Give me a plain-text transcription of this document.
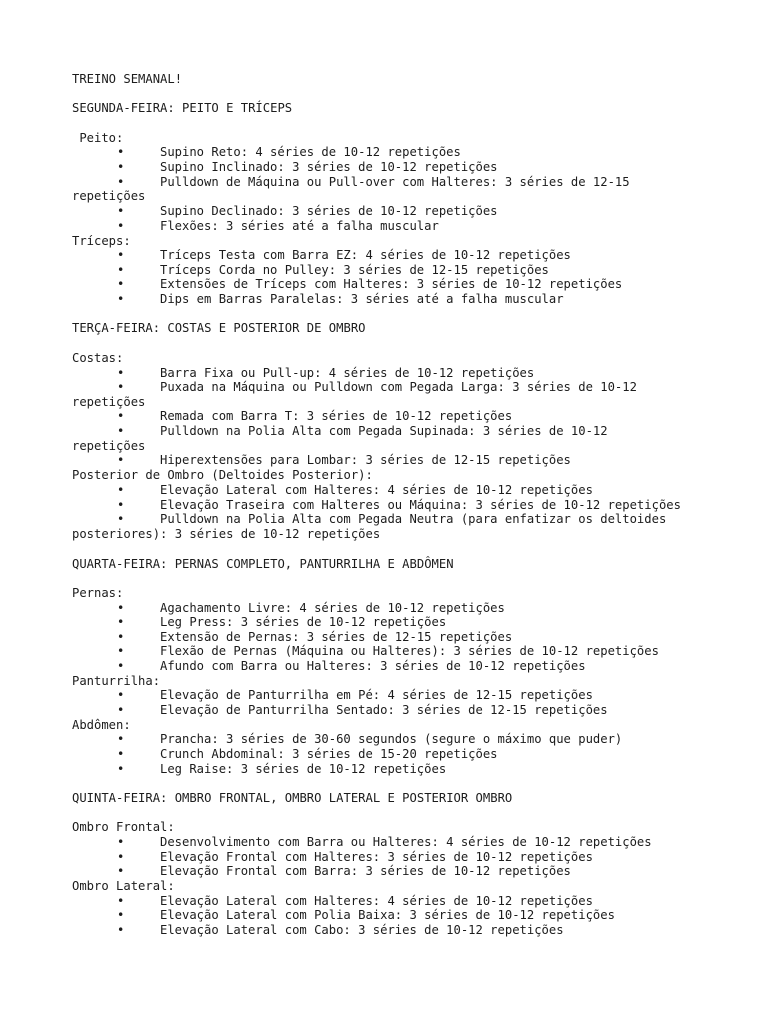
TREINO SEMANAL!
SEGUNDA-FEIRA: PEITO E TRÍCEPS
Peito:
•	Supino Reto: 4 séries de 10-12 repetições
•	Supino Inclinado: 3 séries de 10-12 repetições
•	Pulldown de Máquina ou Pull-over com Halteres: 3 séries de 12-15
repetições
•	Supino Declinado: 3 séries de 10-12 repetições
•	Flexões: 3 séries até a falha muscular
Tríceps:
•	Tríceps Testa com Barra EZ: 4 séries de 10-12 repetições
•	Tríceps Corda no Pulley: 3 séries de 12-15 repetições
•	Extensões de Tríceps com Halteres: 3 séries de 10-12 repetições
•	Dips em Barras Paralelas: 3 séries até a falha muscular
TERÇA-FEIRA: COSTAS E POSTERIOR DE OMBRO
Costas:
•	Barra Fixa ou Pull-up: 4 séries de 10-12 repetições
•	Puxada na Máquina ou Pulldown com Pegada Larga: 3 séries de 10-12
repetições
•	Remada com Barra T: 3 séries de 10-12 repetições
•	Pulldown na Polia Alta com Pegada Supinada: 3 séries de 10-12
repetições
•	Hiperextensões para Lombar: 3 séries de 12-15 repetições
Posterior de Ombro (Deltoides Posterior):
•	Elevação Lateral com Halteres: 4 séries de 10-12 repetições
•	Elevação Traseira com Halteres ou Máquina: 3 séries de 10-12 repetições
•	Pulldown na Polia Alta com Pegada Neutra (para enfatizar os deltoides
posteriores): 3 séries de 10-12 repetições
QUARTA-FEIRA: PERNAS COMPLETO, PANTURRILHA E ABDÔMEN
Pernas:
•	Agachamento Livre: 4 séries de 10-12 repetições
•	Leg Press: 3 séries de 10-12 repetições
•	Extensão de Pernas: 3 séries de 12-15 repetições
•	Flexão de Pernas (Máquina ou Halteres): 3 séries de 10-12 repetições
•	Afundo com Barra ou Halteres: 3 séries de 10-12 repetições
Panturrilha:
•	Elevação de Panturrilha em Pé: 4 séries de 12-15 repetições
•	Elevação de Panturrilha Sentado: 3 séries de 12-15 repetições
Abdômen:
•	Prancha: 3 séries de 30-60 segundos (segure o máximo que puder)
•	Crunch Abdominal: 3 séries de 15-20 repetições
•	Leg Raise: 3 séries de 10-12 repetições
QUINTA-FEIRA: OMBRO FRONTAL, OMBRO LATERAL E POSTERIOR OMBRO
Ombro Frontal:
•	Desenvolvimento com Barra ou Halteres: 4 séries de 10-12 repetições
•	Elevação Frontal com Halteres: 3 séries de 10-12 repetições
•	Elevação Frontal com Barra: 3 séries de 10-12 repetições
Ombro Lateral:
•	Elevação Lateral com Halteres: 4 séries de 10-12 repetições
•	Elevação Lateral com Polia Baixa: 3 séries de 10-12 repetições
•	Elevação Lateral com Cabo: 3 séries de 10-12 repetições
